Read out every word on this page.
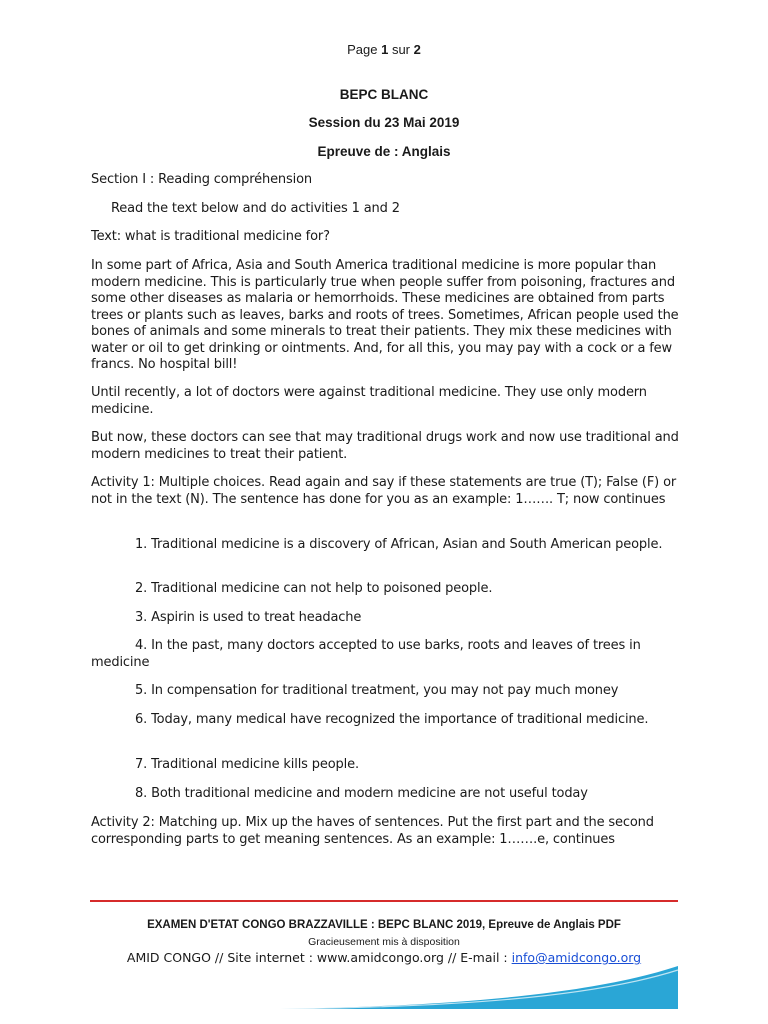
Page 1 sur 2
BEPC BLANC
Session du 23 Mai 2019
Epreuve de : Anglais
Section I : Reading compréhension
Read the text below and do activities 1 and 2
Text: what is traditional medicine for?
In some part of Africa, Asia and South America traditional medicine is more popular than modern medicine. This is particularly true when people suffer from poisoning, fractures and some other diseases as malaria or hemorrhoids. These medicines are obtained from parts trees or plants such as leaves, barks and roots of trees. Sometimes, African people used the bones of animals and some minerals to treat their patients. They mix these medicines with water or oil to get drinking or ointments. And, for all this, you may pay with a cock or a few francs. No hospital bill!
Until recently, a lot of doctors were against traditional medicine. They use only modern medicine.
But now, these doctors can see that may traditional drugs work and now use traditional and modern medicines to treat their patient.
Activity 1: Multiple choices. Read again and say if these statements are true (T); False (F) or not in the text (N). The sentence has done for you as an example: 1……. T; now continues

1. Traditional medicine is a discovery of African, Asian and South American people.

2. Traditional medicine can not help to poisoned people.

3. Aspirin is used to treat headache

4. In the past, many doctors accepted to use barks, roots and leaves of trees in medicine

5. In compensation for traditional treatment, you may not pay much money

6. Today, many medical have recognized the importance of traditional medicine.

7. Traditional medicine kills people.

8. Both traditional medicine and modern medicine are not useful today

Activity 2: Matching up. Mix up the haves of sentences. Put the first part and the second corresponding parts to get meaning sentences. As an example: 1…….e, continues
EXAMEN D'ETAT CONGO BRAZZAVILLE : BEPC BLANC 2019, Epreuve de Anglais PDF
Gracieusement mis à disposition
AMID CONGO // Site internet : www.amidcongo.org // E-mail : info@amidcongo.org
